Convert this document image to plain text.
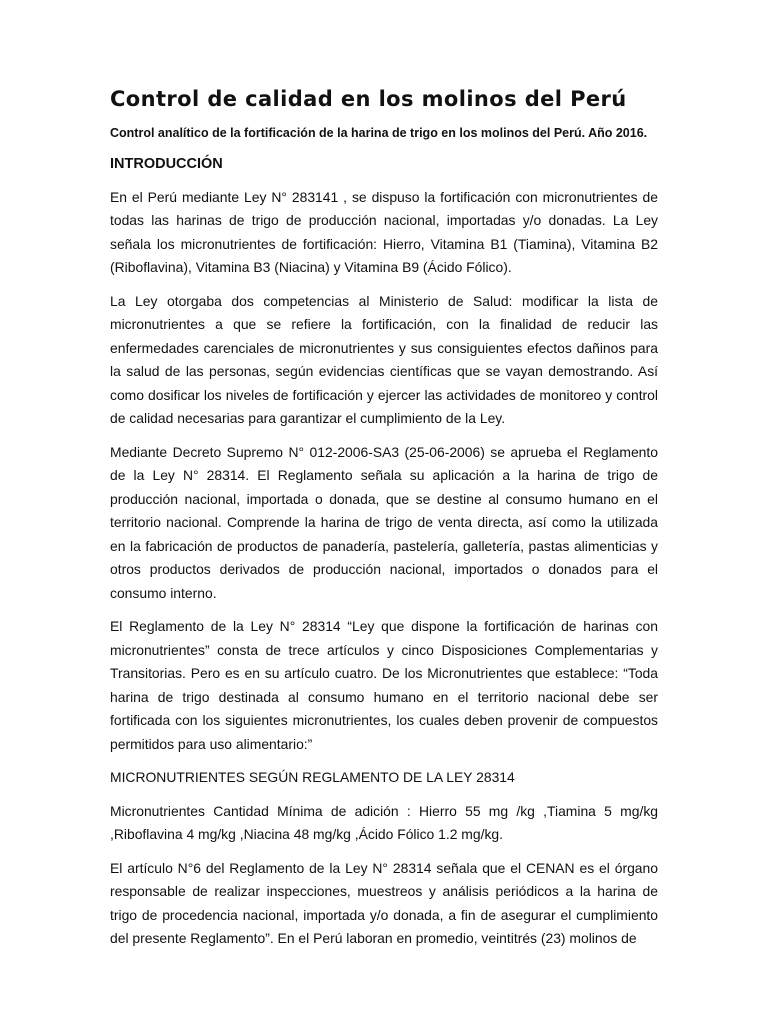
Control de calidad en los molinos del Perú
Control analítico de la fortificación de la harina de trigo en los molinos del Perú. Año 2016.
INTRODUCCIÓN

En el Perú mediante Ley N° 283141 , se dispuso la fortificación con micronutrientes de todas las harinas de trigo de producción nacional, importadas y/o donadas. La Ley señala los micronutrientes de fortificación: Hierro, Vitamina B1 (Tiamina), Vitamina B2 (Riboflavina), Vitamina B3 (Niacina) y Vitamina B9 (Ácido Fólico).

La Ley otorgaba dos competencias al Ministerio de Salud: modificar la lista de micronutrientes a que se refiere la fortificación, con la finalidad de reducir las enfermedades carenciales de micronutrientes y sus consiguientes efectos dañinos para la salud de las personas, según evidencias científicas que se vayan demostrando. Así como dosificar los niveles de fortificación y ejercer las actividades de monitoreo y control de calidad necesarias para garantizar el cumplimiento de la Ley.

Mediante Decreto Supremo N° 012-2006-SA3 (25-06-2006) se aprueba el Reglamento de la Ley N° 28314. El Reglamento señala su aplicación a la harina de trigo de producción nacional, importada o donada, que se destine al consumo humano en el territorio nacional. Comprende la harina de trigo de venta directa, así como la utilizada en la fabricación de productos de panadería, pastelería, galletería, pastas alimenticias y otros productos derivados de producción nacional, importados o donados para el consumo interno.

El Reglamento de la Ley N° 28314 “Ley que dispone la fortificación de harinas con micronutrientes” consta de trece artículos y cinco Disposiciones Complementarias y Transitorias. Pero es en su artículo cuatro. De los Micronutrientes que establece: “Toda harina de trigo destinada al consumo humano en el territorio nacional debe ser fortificada con los siguientes micronutrientes, los cuales deben provenir de compuestos permitidos para uso alimentario:”

MICRONUTRIENTES SEGÚN REGLAMENTO DE LA LEY 28314

Micronutrientes Cantidad Mínima de adición : Hierro 55 mg /kg ,Tiamina 5 mg/kg ,Riboflavina 4 mg/kg ,Niacina 48 mg/kg ,Ácido Fólico 1.2 mg/kg.

El artículo N°6 del Reglamento de la Ley N° 28314 señala que el CENAN es el órgano responsable de realizar inspecciones, muestreos y análisis periódicos a la harina de trigo de procedencia nacional, importada y/o donada, a fin de asegurar el cumplimiento del presente Reglamento”. En el Perú laboran en promedio, veintitrés (23) molinos de
